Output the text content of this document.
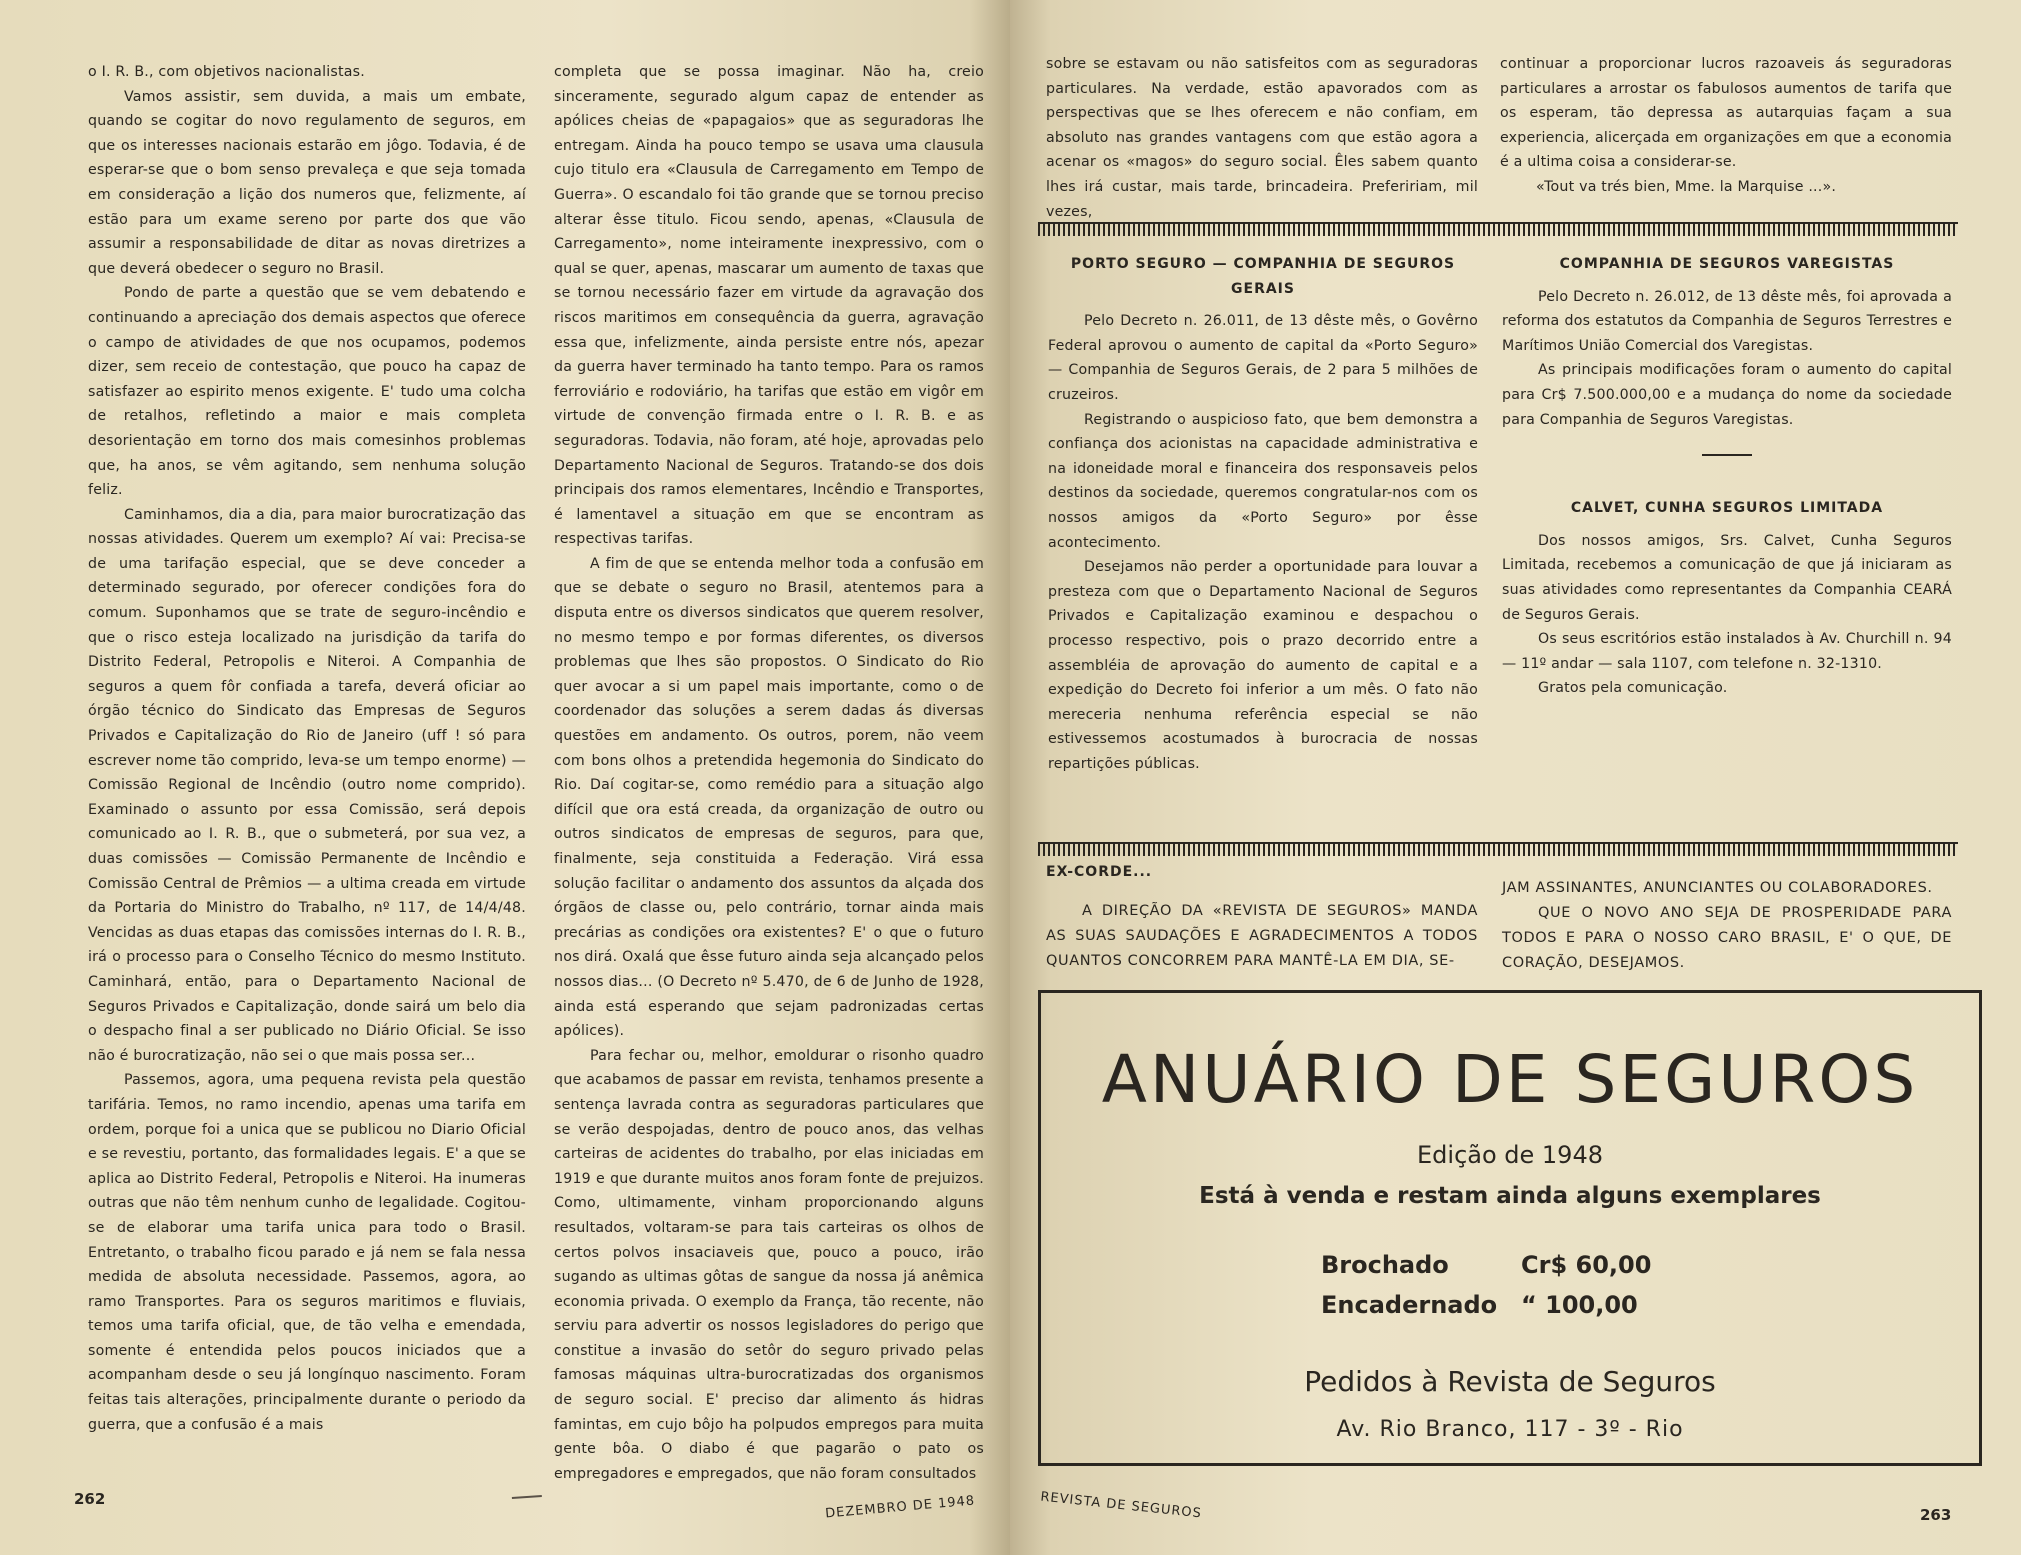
o I. R. B., com objetivos nacionalistas.

Vamos assistir, sem duvida, a mais um embate, quando se cogitar do novo regulamento de seguros, em que os interesses nacionais estarão em jôgo. Todavia, é de esperar-se que o bom senso prevaleça e que seja tomada em consideração a lição dos numeros que, felizmente, aí estão para um exame sereno por parte dos que vão assumir a responsabilidade de ditar as novas diretrizes a que deverá obedecer o seguro no Brasil.

Pondo de parte a questão que se vem debatendo e continuando a apreciação dos demais aspectos que oferece o campo de atividades de que nos ocupamos, podemos dizer, sem receio de contestação, que pouco ha capaz de satisfazer ao espirito menos exigente. E' tudo uma colcha de retalhos, refletindo a maior e mais completa desorientação em torno dos mais comesinhos problemas que, ha anos, se vêm agitando, sem nenhuma solução feliz.

Caminhamos, dia a dia, para maior burocratização das nossas atividades. Querem um exemplo? Aí vai: Precisa-se de uma tarifação especial, que se deve conceder a determinado segurado, por oferecer condições fora do comum. Suponhamos que se trate de seguro-incêndio e que o risco esteja localizado na jurisdição da tarifa do Distrito Federal, Petropolis e Niteroi. A Companhia de seguros a quem fôr confiada a tarefa, deverá oficiar ao órgão técnico do Sindicato das Empresas de Seguros Privados e Capitalização do Rio de Janeiro (uff ! só para escrever nome tão comprido, leva-se um tempo enorme) — Comissão Regional de Incêndio (outro nome comprido). Examinado o assunto por essa Comissão, será depois comunicado ao I. R. B., que o submeterá, por sua vez, a duas comissões — Comissão Permanente de Incêndio e Comissão Central de Prêmios — a ultima creada em virtude da Portaria do Ministro do Trabalho, nº 117, de 14/4/48. Vencidas as duas etapas das comissões internas do I. R. B., irá o processo para o Conselho Técnico do mesmo Instituto. Caminhará, então, para o Departamento Nacional de Seguros Privados e Capitalização, donde sairá um belo dia o despacho final a ser publicado no Diário Oficial. Se isso não é burocratização, não sei o que mais possa ser...

Passemos, agora, uma pequena revista pela questão tarifária. Temos, no ramo incendio, apenas uma tarifa em ordem, porque foi a unica que se publicou no Diario Oficial e se revestiu, portanto, das formalidades legais. E' a que se aplica ao Distrito Federal, Petropolis e Niteroi. Ha inumeras outras que não têm nenhum cunho de legalidade. Cogitou-se de elaborar uma tarifa unica para todo o Brasil. Entretanto, o trabalho ficou parado e já nem se fala nessa medida de absoluta necessidade. Passemos, agora, ao ramo Transportes. Para os seguros maritimos e fluviais, temos uma tarifa oficial, que, de tão velha e emendada, somente é entendida pelos poucos iniciados que a acompanham desde o seu já longínquo nascimento. Foram feitas tais alterações, principalmente durante o periodo da guerra, que a confusão é a mais

completa que se possa imaginar. Não ha, creio sinceramente, segurado algum capaz de entender as apólices cheias de «papagaios» que as seguradoras lhe entregam. Ainda ha pouco tempo se usava uma clausula cujo titulo era «Clausula de Carregamento em Tempo de Guerra». O escandalo foi tão grande que se tornou preciso alterar êsse titulo. Ficou sendo, apenas, «Clausula de Carregamento», nome inteiramente inexpressivo, com o qual se quer, apenas, mascarar um aumento de taxas que se tornou necessário fazer em virtude da agravação dos riscos maritimos em consequência da guerra, agravação essa que, infelizmente, ainda persiste entre nós, apezar da guerra haver terminado ha tanto tempo. Para os ramos ferroviário e rodoviário, ha tarifas que estão em vigôr em virtude de convenção firmada entre o I. R. B. e as seguradoras. Todavia, não foram, até hoje, aprovadas pelo Departamento Nacional de Seguros. Tratando-se dos dois principais dos ramos elementares, Incêndio e Transportes, é lamentavel a situação em que se encontram as respectivas tarifas.

A fim de que se entenda melhor toda a confusão em que se debate o seguro no Brasil, atentemos para a disputa entre os diversos sindicatos que querem resolver, no mesmo tempo e por formas diferentes, os diversos problemas que lhes são propostos. O Sindicato do Rio quer avocar a si um papel mais importante, como o de coordenador das soluções a serem dadas ás diversas questões em andamento. Os outros, porem, não veem com bons olhos a pretendida hegemonia do Sindicato do Rio. Daí cogitar-se, como remédio para a situação algo difícil que ora está creada, da organização de outro ou outros sindicatos de empresas de seguros, para que, finalmente, seja constituida a Federação. Virá essa solução facilitar o andamento dos assuntos da alçada dos órgãos de classe ou, pelo contrário, tornar ainda mais precárias as condições ora existentes? E' o que o futuro nos dirá. Oxalá que êsse futuro ainda seja alcançado pelos nossos dias... (O Decreto nº 5.470, de 6 de Junho de 1928, ainda está esperando que sejam padronizadas certas apólices).

Para fechar ou, melhor, emoldurar o risonho quadro que acabamos de passar em revista, tenhamos presente a sentença lavrada contra as seguradoras particulares que se verão despojadas, dentro de pouco anos, das velhas carteiras de acidentes do trabalho, por elas iniciadas em 1919 e que durante muitos anos foram fonte de prejuizos. Como, ultimamente, vinham proporcionando alguns resultados, voltaram-se para tais carteiras os olhos de certos polvos insaciaveis que, pouco a pouco, irão sugando as ultimas gôtas de sangue da nossa já anêmica economia privada. O exemplo da França, tão recente, não serviu para advertir os nossos legisladores do perigo que constitue a invasão do setôr do seguro privado pelas famosas máquinas ultra-burocratizadas dos organismos de seguro social. E' preciso dar alimento ás hidras famintas, em cujo bôjo ha polpudos empregos para muita gente bôa. O diabo é que pagarão o pato os empregadores e empregados, que não foram consultados

262	DEZEMBRO DE 1948

sobre se estavam ou não satisfeitos com as seguradoras particulares. Na verdade, estão apavorados com as perspectivas que se lhes oferecem e não confiam, em absoluto nas grandes vantagens com que estão agora a acenar os «magos» do seguro social. Êles sabem quanto lhes irá custar, mais tarde, brincadeira. Prefeririam, mil vezes,

continuar a proporcionar lucros razoaveis ás seguradoras particulares a arrostar os fabulosos aumentos de tarifa que os esperam, tão depressa as autarquias façam a sua experiencia, alicerçada em organizações em que a economia é a ultima coisa a considerar-se.

«Tout va trés bien, Mme. la Marquise ...».

PORTO SEGURO — COMPANHIA DE SEGUROS GERAIS

Pelo Decreto n. 26.011, de 13 dêste mês, o Govêrno Federal aprovou o aumento de capital da «Porto Seguro» — Companhia de Seguros Gerais, de 2 para 5 milhões de cruzeiros.

Registrando o auspicioso fato, que bem demonstra a confiança dos acionistas na capacidade administrativa e na idoneidade moral e financeira dos responsaveis pelos destinos da sociedade, queremos congratular-nos com os nossos amigos da «Porto Seguro» por êsse acontecimento.

Desejamos não perder a oportunidade para louvar a presteza com que o Departamento Nacional de Seguros Privados e Capitalização examinou e despachou o processo respectivo, pois o prazo decorrido entre a assembléia de aprovação do aumento de capital e a expedição do Decreto foi inferior a um mês. O fato não mereceria nenhuma referência especial se não estivessemos acostumados à burocracia de nossas repartições públicas.

COMPANHIA DE SEGUROS VAREGISTAS

Pelo Decreto n. 26.012, de 13 dêste mês, foi aprovada a reforma dos estatutos da Companhia de Seguros Terrestres e Marítimos União Comercial dos Varegistas.

As principais modificações foram o aumento do capital para Cr$ 7.500.000,00 e a mudança do nome da sociedade para Companhia de Seguros Varegistas.

CALVET, CUNHA SEGUROS LIMITADA

Dos nossos amigos, Srs. Calvet, Cunha Seguros Limitada, recebemos a comunicação de que já iniciaram as suas atividades como representantes da Companhia CEARÁ de Seguros Gerais.

Os seus escritórios estão instalados à Av. Churchill n. 94 — 11º andar — sala 1107, com telefone n. 32-1310.

Gratos pela comunicação.

EX-CORDE...
A DIREÇÃO DA «REVISTA DE SEGUROS» MANDA AS SUAS SAUDAÇÕES E AGRADECIMENTOS A TODOS QUANTOS CONCORREM PARA MANTÊ-LA EM DIA, SE-
JAM ASSINANTES, ANUNCIANTES OU COLABORADORES.
QUE O NOVO ANO SEJA DE PROSPERIDADE PARA TODOS E PARA O NOSSO CARO BRASIL, E' O QUE, DE CORAÇÃO, DESEJAMOS.
REVISTA DE SEGUROS	263
ANUÁRIO DE SEGUROS
Edição de 1948
Está à venda e restam ainda alguns exemplares
Brochado	Cr$ 60,00
Encadernado “ 100,00
Pedidos à Revista de Seguros
Av. Rio Branco, 117 - 3º - Rio
